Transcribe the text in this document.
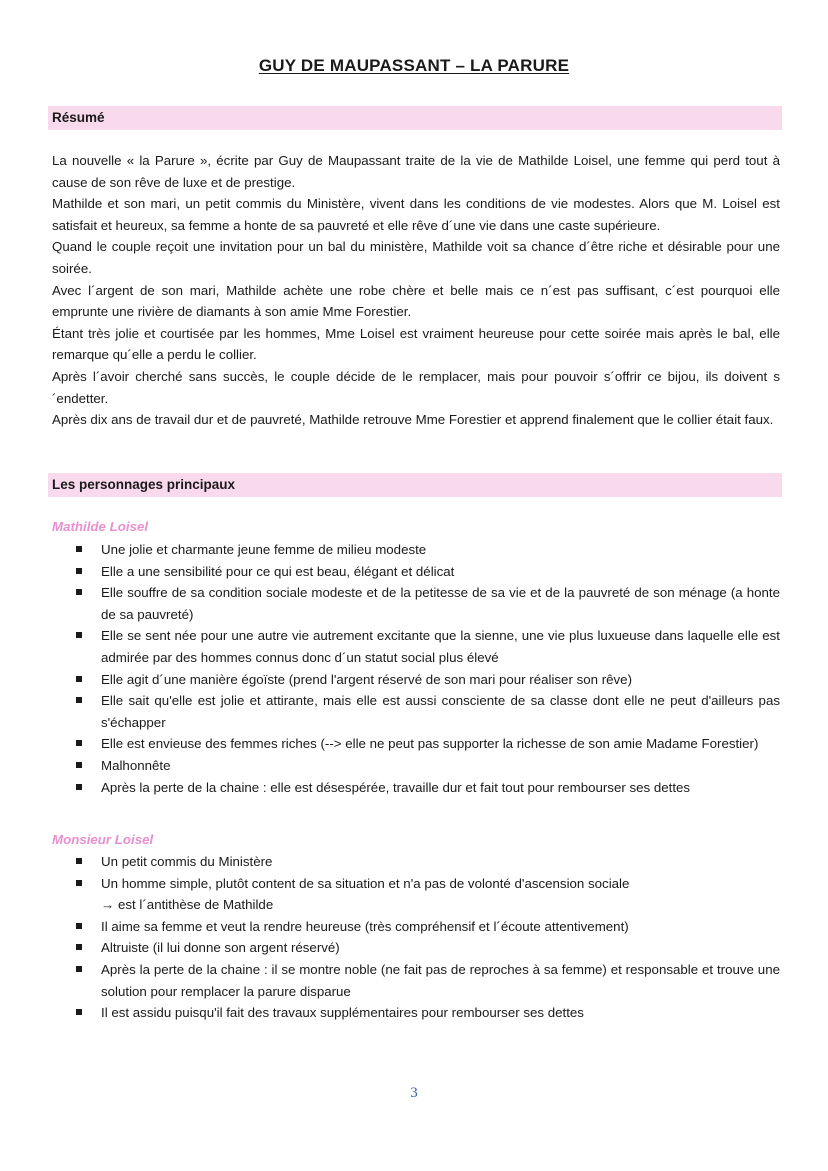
GUY DE MAUPASSANT – LA PARURE
Résumé

La nouvelle « la Parure », écrite par Guy de Maupassant traite de la vie de Mathilde Loisel, une femme qui perd tout à cause de son rêve de luxe et de prestige.

Mathilde et son mari, un petit commis du Ministère, vivent dans les conditions de vie modestes. Alors que M. Loisel est satisfait et heureux, sa femme a honte de sa pauvreté et elle rêve d´une vie dans une caste supérieure.

Quand le couple reçoit une invitation pour un bal du ministère, Mathilde voit sa chance d´être riche et désirable pour une soirée.

Avec l´argent de son mari, Mathilde achète une robe chère et belle mais ce n´est pas suffisant, c´est pourquoi elle emprunte une rivière de diamants à son amie Mme Forestier.

Étant très jolie et courtisée par les hommes, Mme Loisel est vraiment heureuse pour cette soirée mais après le bal, elle remarque qu´elle a perdu le collier.

Après l´avoir cherché sans succès, le couple décide de le remplacer, mais pour pouvoir s´offrir ce bijou, ils doivent s´endetter.

Après dix ans de travail dur et de pauvreté, Mathilde retrouve Mme Forestier et apprend finalement que le collier était faux.

Les personnages principaux
Mathilde Loisel
Une jolie et charmante jeune femme de milieu modeste
Elle a une sensibilité pour ce qui est beau, élégant et délicat
Elle souffre de sa condition sociale modeste et de la petitesse de sa vie et de la pauvreté de son ménage (a honte de sa pauvreté)
Elle se sent née pour une autre vie autrement excitante que la sienne, une vie plus luxueuse dans laquelle elle est admirée par des hommes connus donc d´un statut social plus élevé
Elle agit d´une manière égoïste (prend l'argent réservé de son mari pour réaliser son rêve)
Elle sait qu'elle est jolie et attirante, mais elle est aussi consciente de sa classe dont elle ne peut d'ailleurs pas s'échapper
Elle est envieuse des femmes riches (--> elle ne peut pas supporter la richesse de son amie Madame Forestier)
Malhonnête
Après la perte de la chaine : elle est désespérée, travaille dur et fait tout pour rembourser ses dettes
Monsieur Loisel
Un petit commis du Ministère
Un homme simple, plutôt content de sa situation et n'a pas de volonté d'ascension sociale
→ est l´antithèse de Mathilde
Il aime sa femme et veut la rendre heureuse (très compréhensif et l´écoute attentivement)
Altruiste (il lui donne son argent réservé)
Après la perte de la chaine : il se montre noble (ne fait pas de reproches à sa femme) et responsable et trouve une solution pour remplacer la parure disparue
Il est assidu puisqu'il fait des travaux supplémentaires pour rembourser ses dettes
3
